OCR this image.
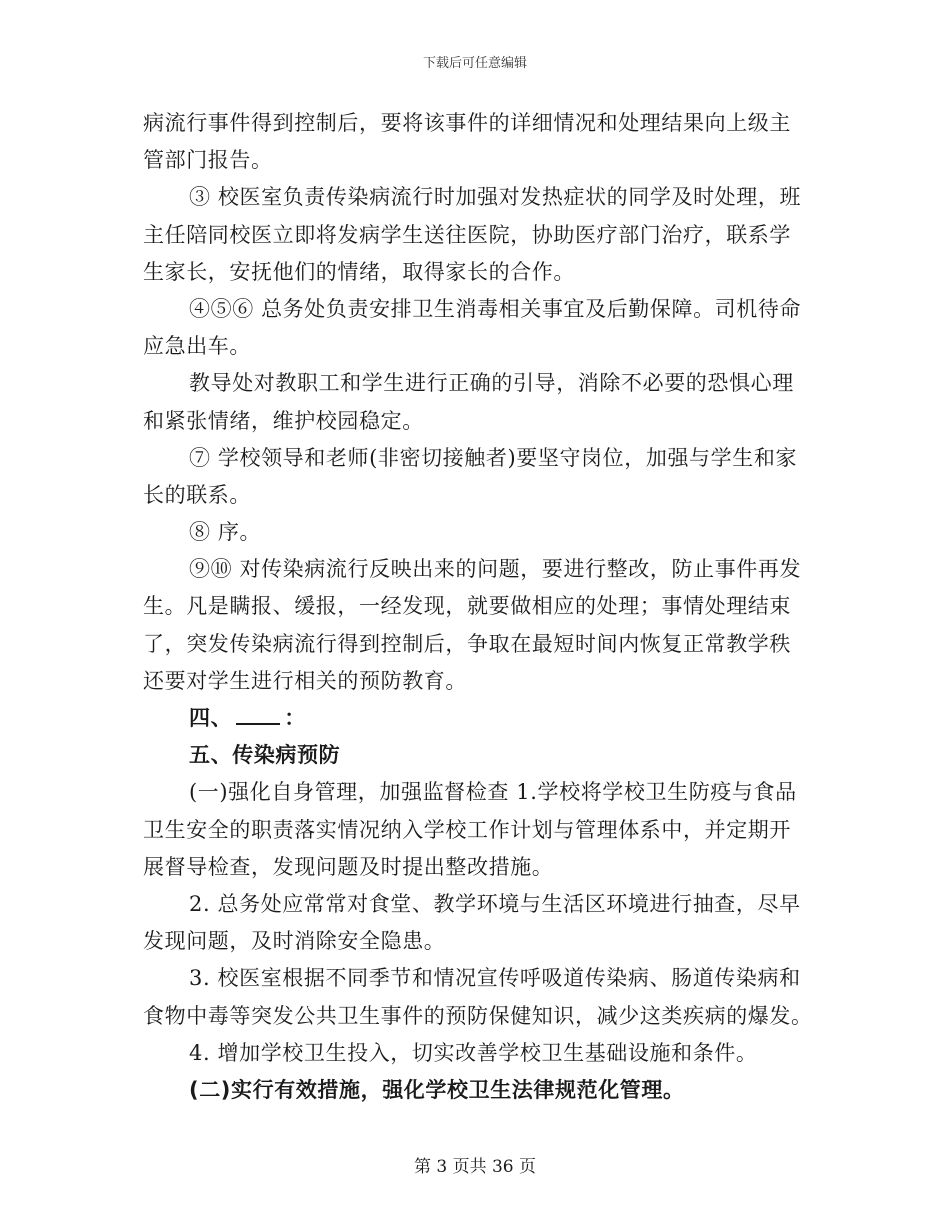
下载后可任意编辑
病流行事件得到控制后，要将该事件的详细情况和处理结果向上级主
管部门报告。
③ 校医室负责传染病流行时加强对发热症状的同学及时处理，班
主任陪同校医立即将发病学生送往医院，协助医疗部门治疗，联系学
生家长，安抚他们的情绪，取得家长的合作。
④⑤⑥ 总务处负责安排卫生消毒相关事宜及后勤保障。司机待命
应急出车。
教导处对教职工和学生进行正确的引导，消除不必要的恐惧心理
和紧张情绪，维护校园稳定。
⑦ 学校领导和老师(非密切接触者)要坚守岗位，加强与学生和家
长的联系。
⑧ 序。
⑨⑩ 对传染病流行反映出来的问题，要进行整改，防止事件再发
生。凡是瞒报、缓报，一经发现，就要做相应的处理；事情处理结束
了，突发传染病流行得到控制后，争取在最短时间内恢复正常教学秩
还要对学生进行相关的预防教育。
四、 ：
五、传染病预防
(一)强化自身管理，加强监督检查 1.学校将学校卫生防疫与食品
卫生安全的职责落实情况纳入学校工作计划与管理体系中，并定期开
展督导检查，发现问题及时提出整改措施。
2. 总务处应常常对食堂、教学环境与生活区环境进行抽查，尽早
发现问题，及时消除安全隐患。
3. 校医室根据不同季节和情况宣传呼吸道传染病、肠道传染病和
食物中毒等突发公共卫生事件的预防保健知识，减少这类疾病的爆发。
4. 增加学校卫生投入，切实改善学校卫生基础设施和条件。
(二)实行有效措施，强化学校卫生法律规范化管理。
第 3 页共 36 页
